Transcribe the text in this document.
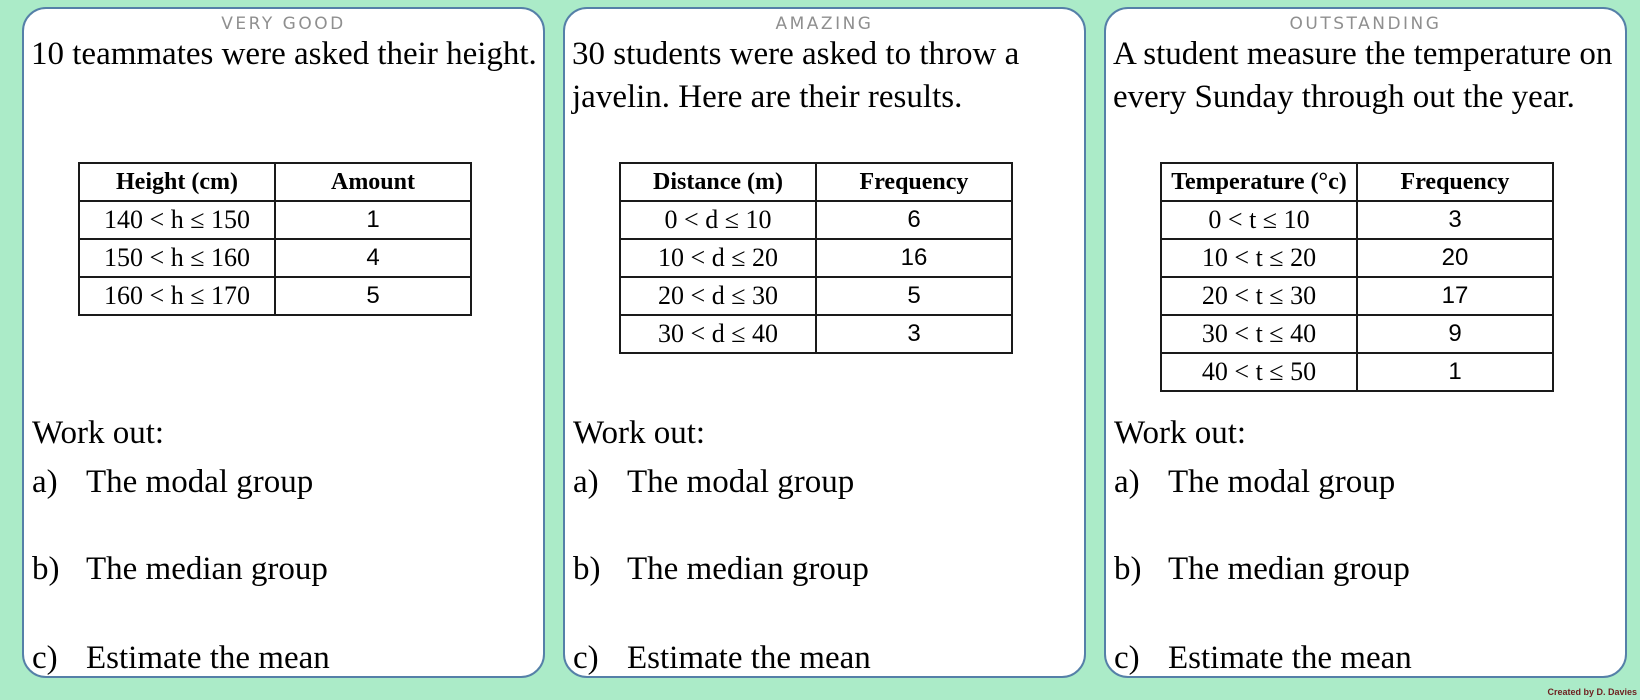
VERY GOOD
10 teammates were asked their height.
Height (cm)	Amount
140 < h ≤ 150	1
150 < h ≤ 160	4
160 < h ≤ 170	5
Work out:
a) The modal group
b) The median group
c) Estimate the mean
AMAZING
30 students were asked to throw a javelin. Here are their results.
Distance (m)	Frequency
0 < d ≤ 10	6
10 < d ≤ 20	16
20 < d ≤ 30	5
30 < d ≤ 40	3
Work out:
a) The modal group
b) The median group
c) Estimate the mean
OUTSTANDING
A student measure the temperature on every Sunday through out the year.
Temperature (°c)	Frequency
0 < t ≤ 10	3
10 < t ≤ 20	20
20 < t ≤ 30	17
30 < t ≤ 40	9
40 < t ≤ 50	1
Work out:
a) The modal group
b) The median group
c) Estimate the mean
Created by D. Davies
